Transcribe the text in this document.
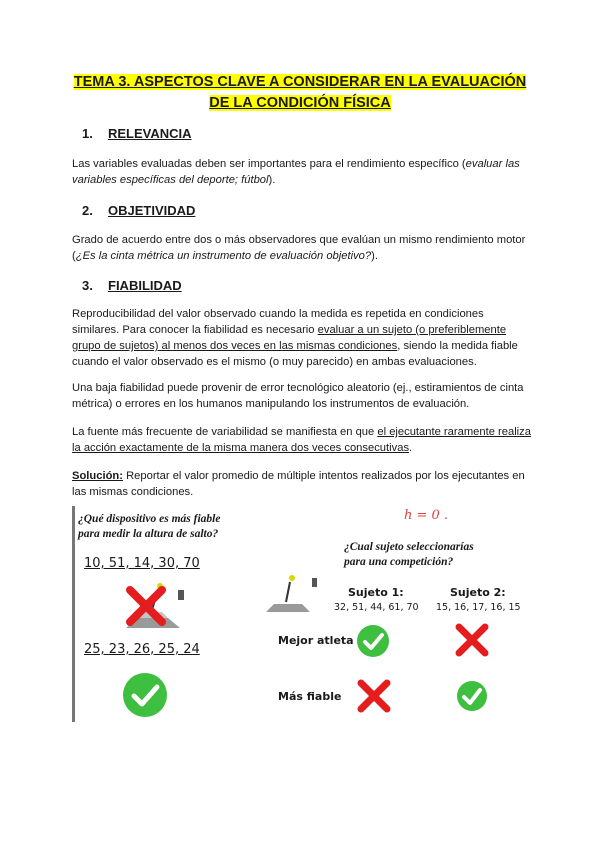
TEMA 3. ASPECTOS CLAVE A CONSIDERAR EN LA EVALUACIÓN
DE LA CONDICIÓN FÍSICA
1. RELEVANCIA
Las variables evaluadas deben ser importantes para el rendimiento específico (evaluar las variables específicas del deporte; fútbol).
2. OBJETIVIDAD
Grado de acuerdo entre dos o más observadores que evalúan un mismo rendimiento motor (¿Es la cinta métrica un instrumento de evaluación objetivo?).
3. FIABILIDAD
Reproducibilidad del valor observado cuando la medida es repetida en condiciones similares. Para conocer la fiabilidad es necesario evaluar a un sujeto (o preferiblemente grupo de sujetos) al menos dos veces en las mismas condiciones, siendo la medida fiable cuando el valor observado es el mismo (o muy parecido) en ambas evaluaciones.
Una baja fiabilidad puede provenir de error tecnológico aleatorio (ej., estiramientos de cinta métrica) o errores en los humanos manipulando los instrumentos de evaluación.
La fuente más frecuente de variabilidad se manifiesta en que el ejecutante raramente realiza la acción exactamente de la misma manera dos veces consecutivas.
Solución: Reportar el valor promedio de múltiple intentos realizados por los ejecutantes en las mismas condiciones.
¿Qué dispositivo es más fiable
para medir la altura de salto?
10, 51, 14, 30, 70
25, 23, 26, 25, 24
h = 0 .
¿Cual sujeto seleccionarías
para una competición?
Sujeto 1:
32, 51, 44, 61, 70
Sujeto 2:
15, 16, 17, 16, 15
Mejor atleta
Más fiable
